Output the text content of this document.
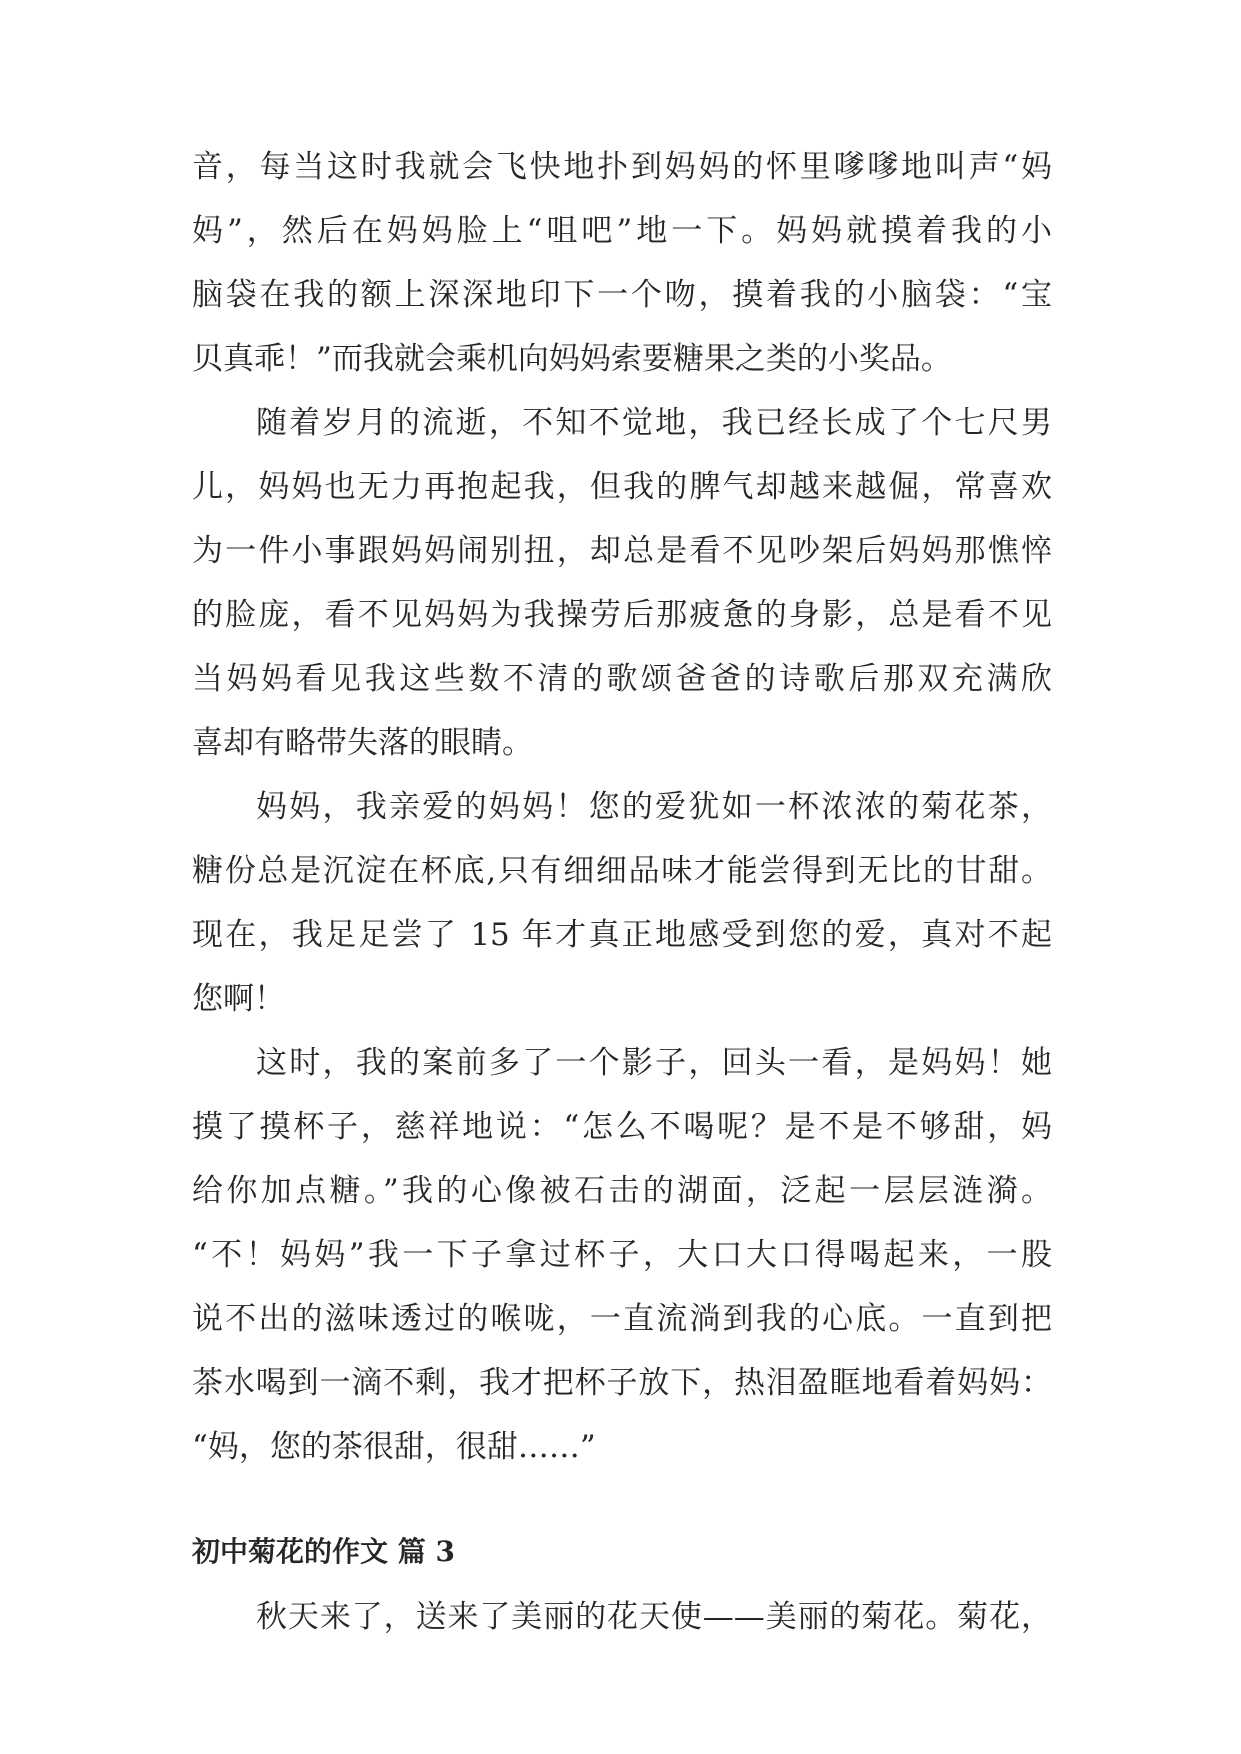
音，每当这时我就会飞快地扑到妈妈的怀里嗲嗲地叫声“妈

妈”，然后在妈妈脸上“咀吧”地一下。妈妈就摸着我的小

脑袋在我的额上深深地印下一个吻，摸着我的小脑袋：“宝

贝真乖！”而我就会乘机向妈妈索要糖果之类的小奖品。

随着岁月的流逝，不知不觉地，我已经长成了个七尺男

儿，妈妈也无力再抱起我，但我的脾气却越来越倔，常喜欢

为一件小事跟妈妈闹别扭，却总是看不见吵架后妈妈那憔悴

的脸庞，看不见妈妈为我操劳后那疲惫的身影，总是看不见

当妈妈看见我这些数不清的歌颂爸爸的诗歌后那双充满欣

喜却有略带失落的眼睛。

妈妈，我亲爱的妈妈！您的爱犹如一杯浓浓的菊花茶，

糖份总是沉淀在杯底,只有细细品味才能尝得到无比的甘甜。

现在，我足足尝了 15 年才真正地感受到您的爱，真对不起

您啊！

这时，我的案前多了一个影子，回头一看，是妈妈！她

摸了摸杯子，慈祥地说：“怎么不喝呢？是不是不够甜，妈

给你加点糖。”我的心像被石击的湖面，泛起一层层涟漪。

“不！妈妈”我一下子拿过杯子，大口大口得喝起来，一股

说不出的滋味透过的喉咙，一直流淌到我的心底。一直到把

茶水喝到一滴不剩，我才把杯子放下，热泪盈眶地看着妈妈：

“妈，您的茶很甜，很甜……”

初中菊花的作文 篇 3

秋天来了，送来了美丽的花天使——美丽的菊花。菊花，
